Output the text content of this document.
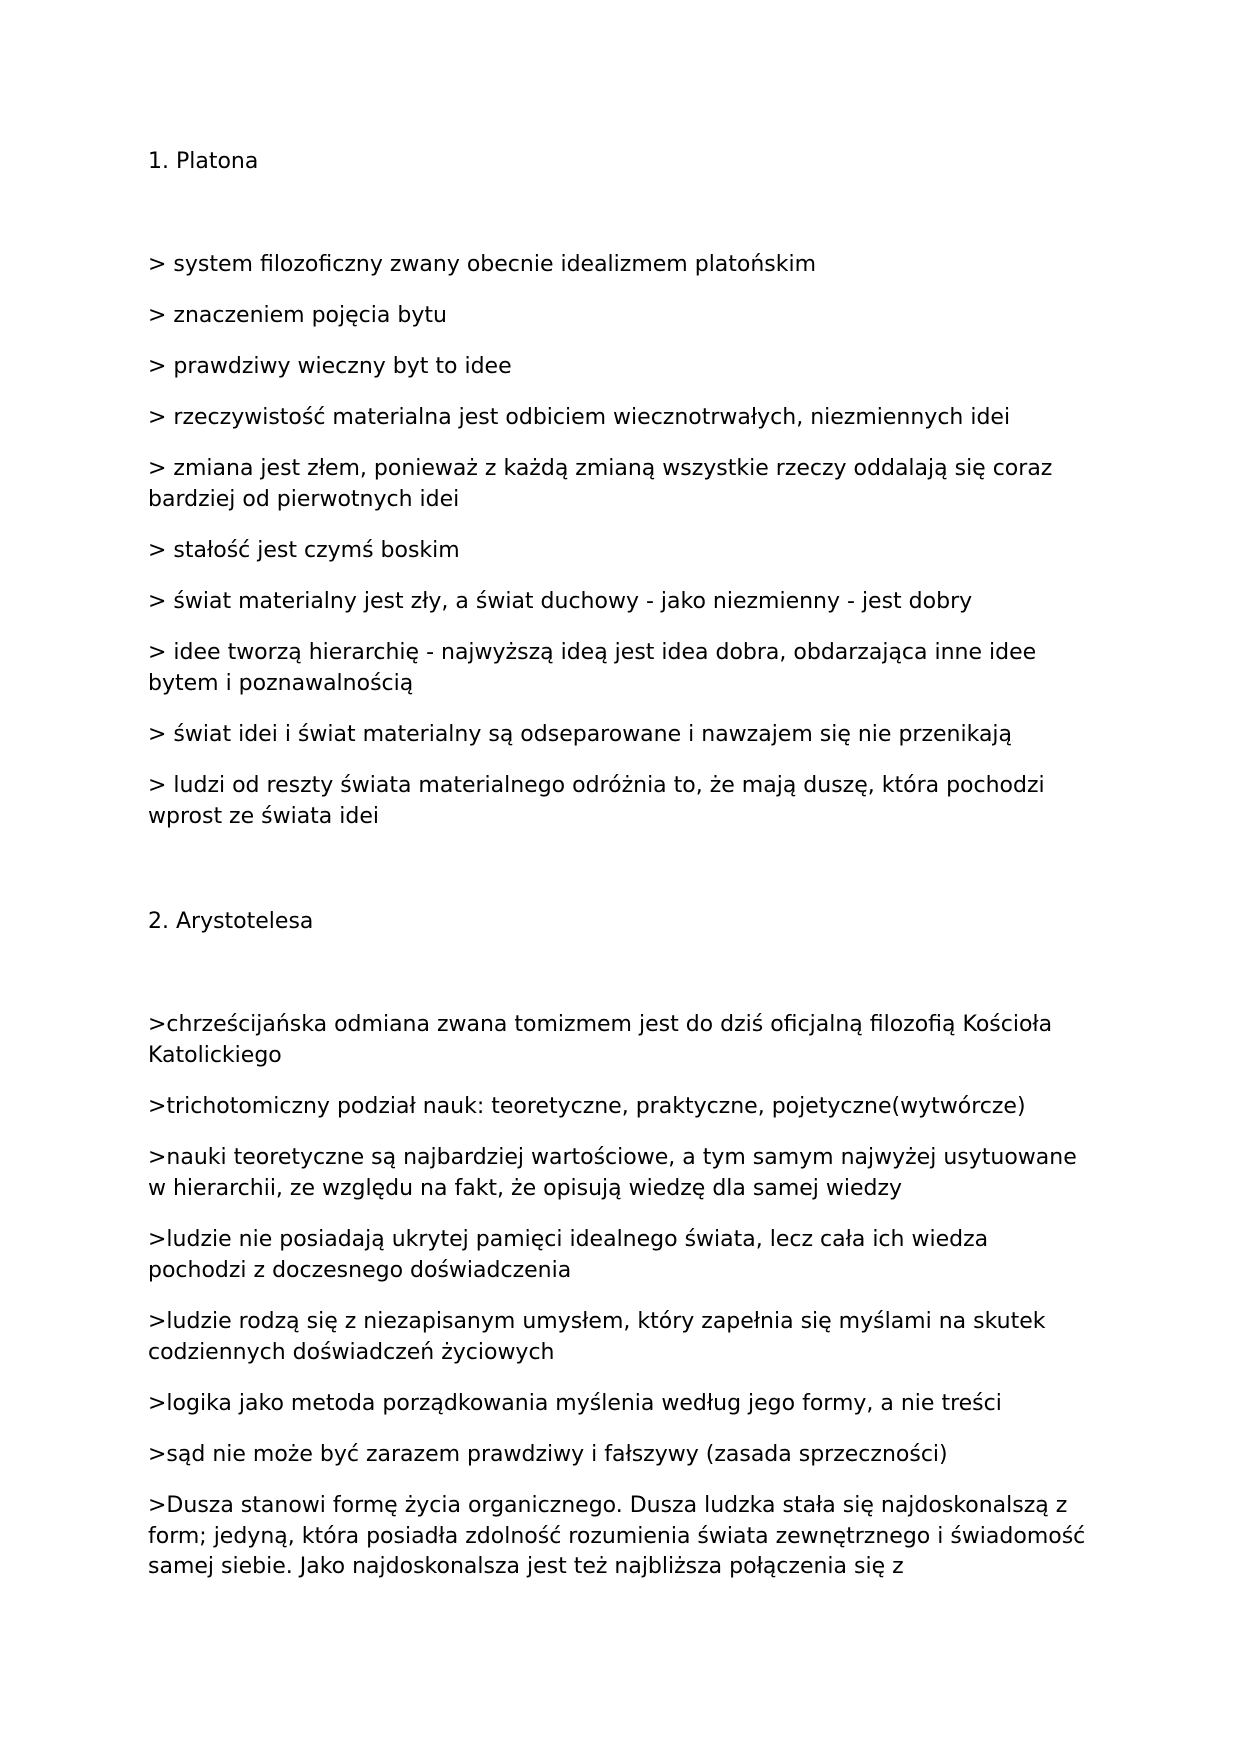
1. Platona

> system filozoficzny zwany obecnie idealizmem platońskim

> znaczeniem pojęcia bytu

> prawdziwy wieczny byt to idee

> rzeczywistość materialna jest odbiciem wiecznotrwałych, niezmiennych idei

> zmiana jest złem, ponieważ z każdą zmianą wszystkie rzeczy oddalają się coraz bardziej od pierwotnych idei

> stałość jest czymś boskim

> świat materialny jest zły, a świat duchowy - jako niezmienny - jest dobry

> idee tworzą hierarchię - najwyższą ideą jest idea dobra, obdarzająca inne idee bytem i poznawalnością

> świat idei i świat materialny są odseparowane i nawzajem się nie przenikają

> ludzi od reszty świata materialnego odróżnia to, że mają duszę, która pochodzi wprost ze świata idei

2. Arystotelesa

>chrześcijańska odmiana zwana tomizmem jest do dziś oficjalną filozofią Kościoła Katolickiego

>trichotomiczny podział nauk: teoretyczne, praktyczne, pojetyczne(wytwórcze)

>nauki teoretyczne są najbardziej wartościowe, a tym samym najwyżej usytuowane w hierarchii, ze względu na fakt, że opisują wiedzę dla samej wiedzy

>ludzie nie posiadają ukrytej pamięci idealnego świata, lecz cała ich wiedza pochodzi z doczesnego doświadczenia

>ludzie rodzą się z niezapisanym umysłem, który zapełnia się myślami na skutek codziennych doświadczeń życiowych

>logika jako metoda porządkowania myślenia według jego formy, a nie treści

>sąd nie może być zarazem prawdziwy i fałszywy (zasada sprzeczności)

>Dusza stanowi formę życia organicznego. Dusza ludzka stała się najdoskonalszą z form; jedyną, która posiadła zdolność rozumienia świata zewnętrznego i świadomość samej siebie. Jako najdoskonalsza jest też najbliższa połączenia się z
